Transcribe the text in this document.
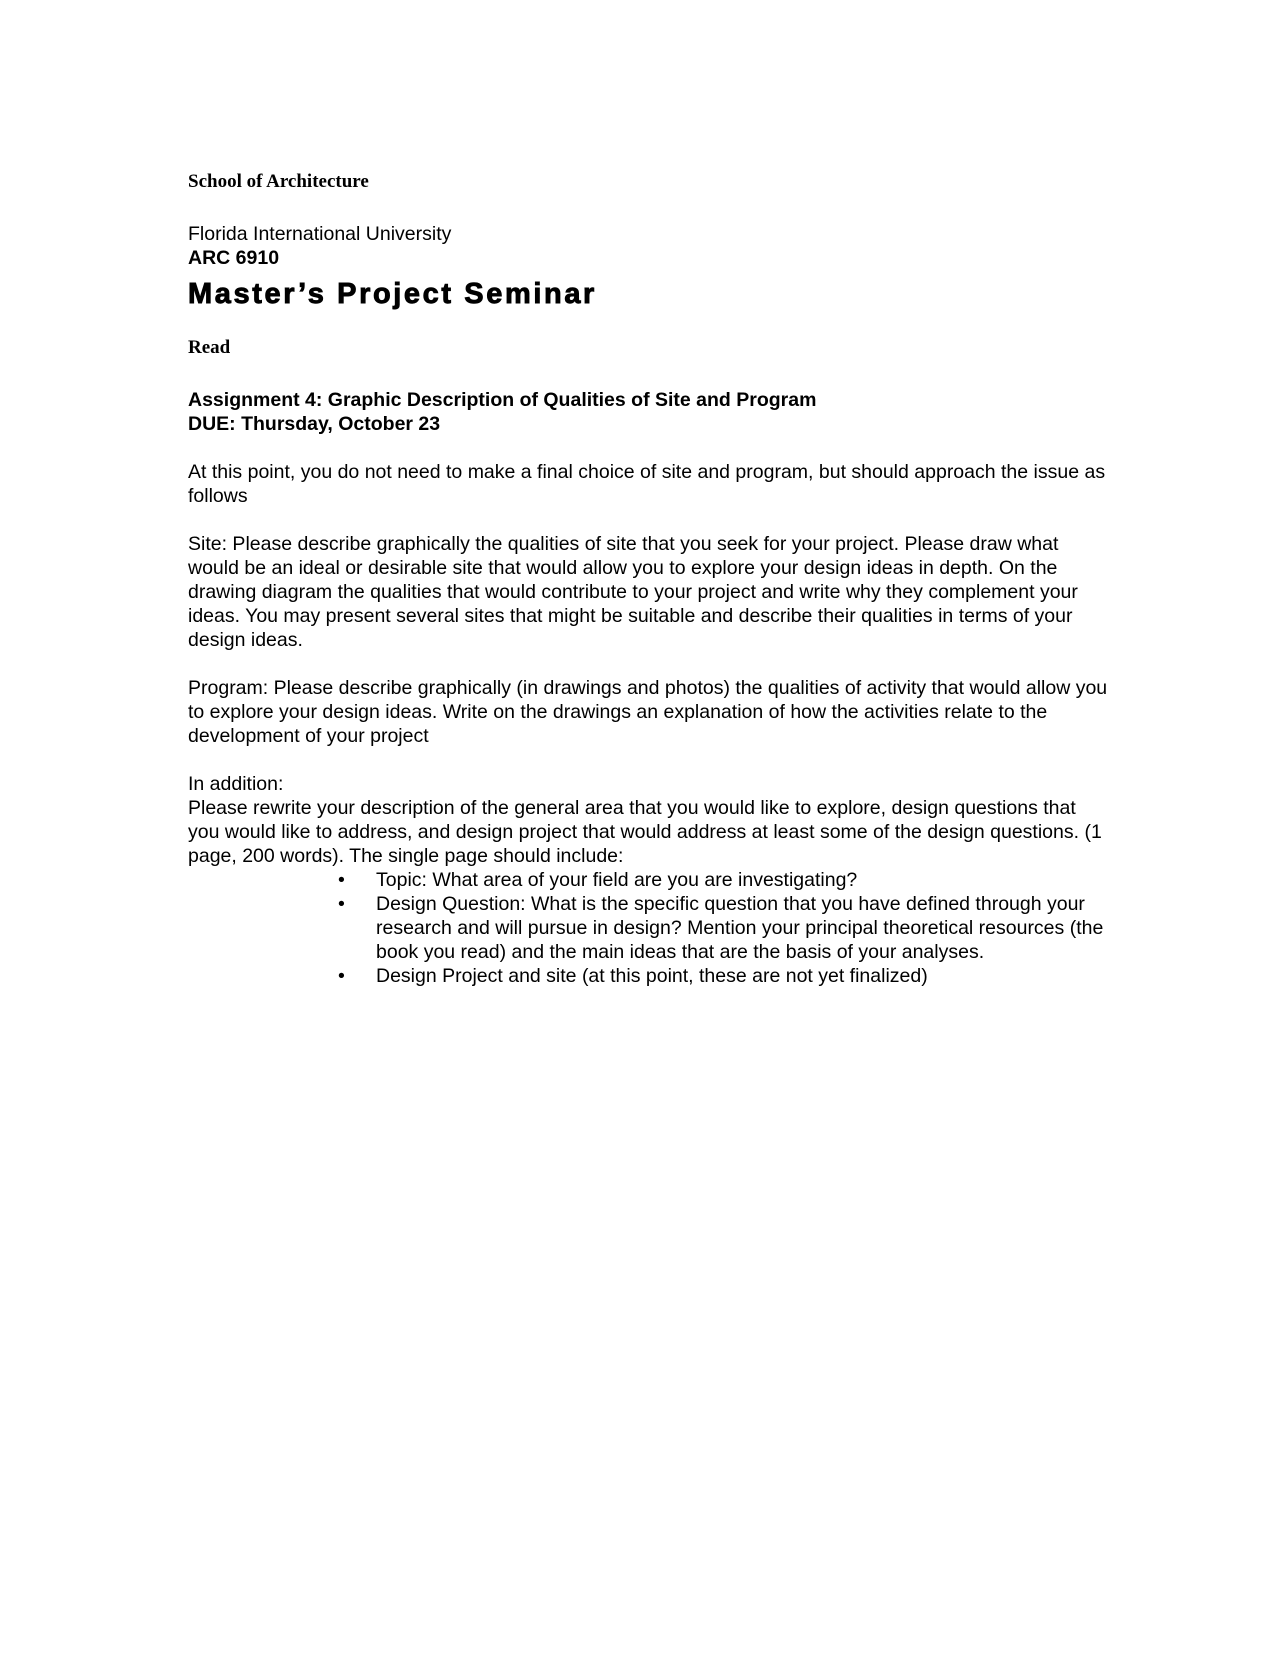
School of Architecture
Florida International University
ARC 6910
Master’s Project Seminar
Read
Assignment 4: Graphic Description of Qualities of Site and Program
DUE: Thursday, October 23

At this point, you do not need to make a final choice of site and program, but should approach the issue as follows

Site: Please describe graphically the qualities of site that you seek for your project. Please draw what would be an ideal or desirable site that would allow you to explore your design ideas in depth. On the drawing diagram the qualities that would contribute to your project and write why they complement your ideas. You may present several sites that might be suitable and describe their qualities in terms of your design ideas.

Program: Please describe graphically (in drawings and photos) the qualities of activity that would allow you to explore your design ideas. Write on the drawings an explanation of how the activities relate to the development of your project

In addition:

Please rewrite your description of the general area that you would like to explore, design questions that you would like to address, and design project that would address at least some of the design questions. (1 page, 200 words). The single page should include:

• Topic: What area of your field are you are investigating?
• Design Question: What is the specific question that you have defined through your research and will pursue in design? Mention your principal theoretical resources (the book you read) and the main ideas that are the basis of your analyses.
• Design Project and site (at this point, these are not yet finalized)
